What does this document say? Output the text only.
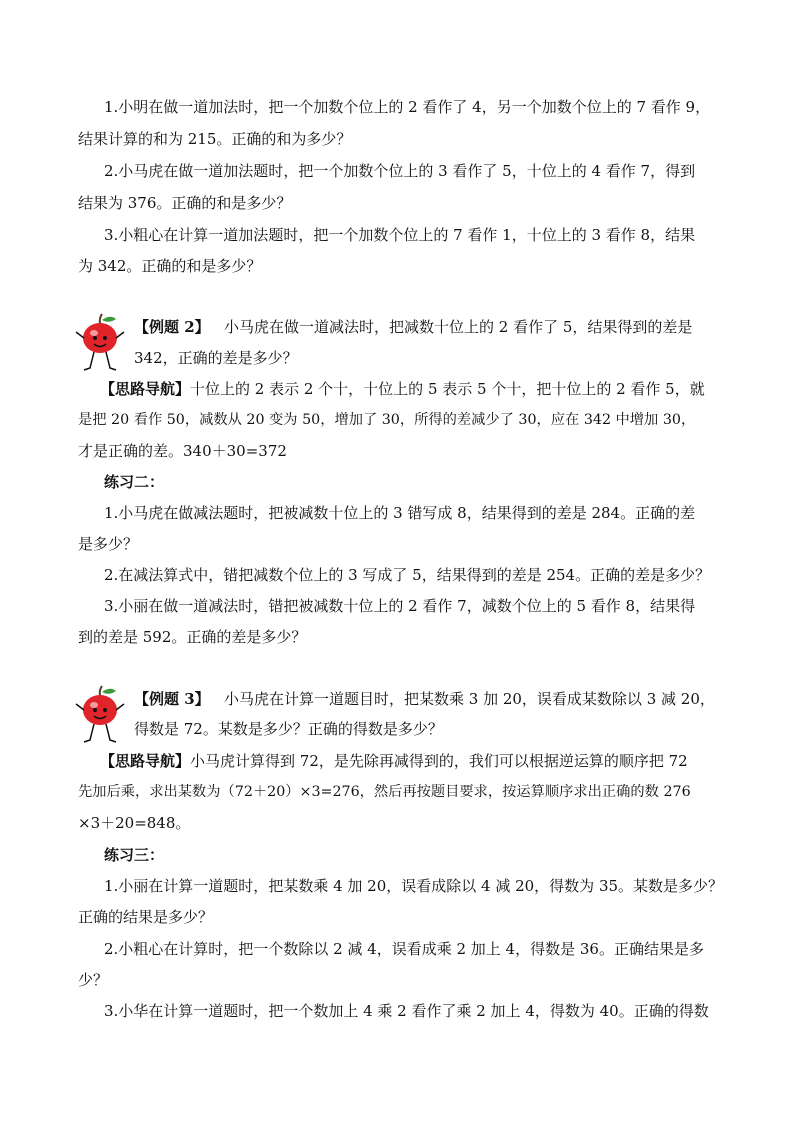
1.小明在做一道加法时，把一个加数个位上的 2 看作了 4，另一个加数个位上的 7 看作 9，
结果计算的和为 215。正确的和为多少？
2.小马虎在做一道加法题时，把一个加数个位上的 3 看作了 5，十位上的 4 看作 7，得到
结果为 376。正确的和是多少？
3.小粗心在计算一道加法题时，把一个加数个位上的 7 看作 1，十位上的 3 看作 8，结果
为 342。正确的和是多少？
【例题 2】 小马虎在做一道减法时，把减数十位上的 2 看作了 5，结果得到的差是
342，正确的差是多少？
【思路导航】十位上的 2 表示 2 个十，十位上的 5 表示 5 个十，把十位上的 2 看作 5，就
是把 20 看作 50，减数从 20 变为 50，增加了 30，所得的差减少了 30，应在 342 中增加 30，
才是正确的差。340＋30=372
练习二：
1.小马虎在做减法题时，把被减数十位上的 3 错写成 8，结果得到的差是 284。正确的差
是多少？
2.在减法算式中，错把减数个位上的 3 写成了 5，结果得到的差是 254。正确的差是多少？
3.小丽在做一道减法时，错把被减数十位上的 2 看作 7，减数个位上的 5 看作 8，结果得
到的差是 592。正确的差是多少？
【例题 3】 小马虎在计算一道题目时，把某数乘 3 加 20，误看成某数除以 3 减 20，
得数是 72。某数是多少？正确的得数是多少？
【思路导航】小马虎计算得到 72，是先除再减得到的，我们可以根据逆运算的顺序把 72
先加后乘，求出某数为（72＋20）×3=276，然后再按题目要求，按运算顺序求出正确的数 276
×3＋20=848。
练习三：
1.小丽在计算一道题时，把某数乘 4 加 20，误看成除以 4 减 20，得数为 35。某数是多少？
正确的结果是多少？
2.小粗心在计算时，把一个数除以 2 减 4，误看成乘 2 加上 4，得数是 36。正确结果是多
少？
3.小华在计算一道题时，把一个数加上 4 乘 2 看作了乘 2 加上 4，得数为 40。正确的得数
